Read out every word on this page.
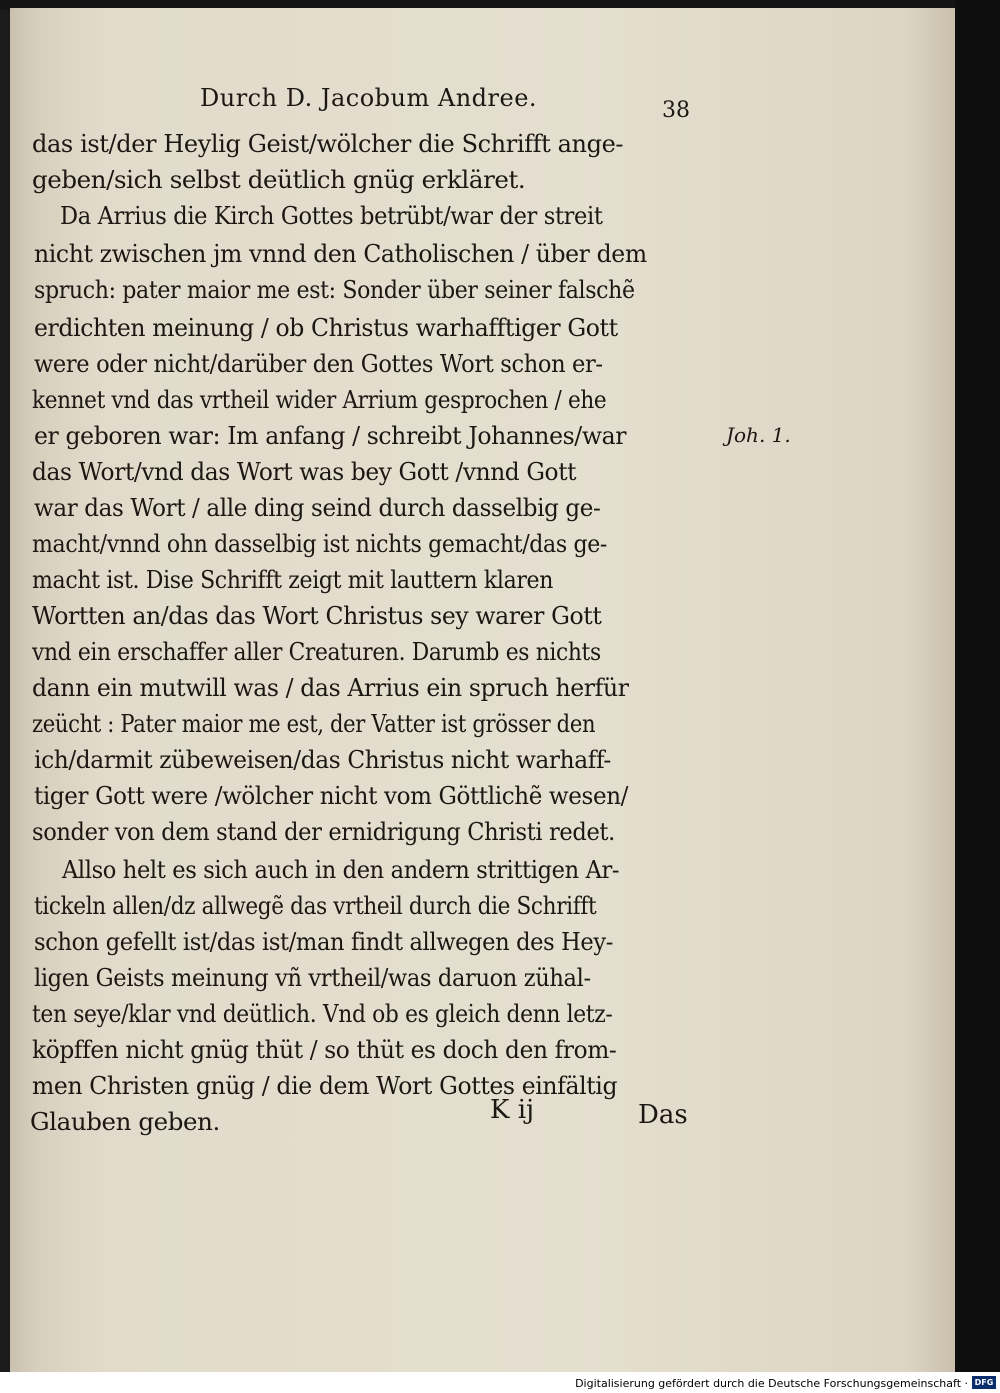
Durch D. Jacobum Andree.	38
das ist/der Heylig Geist/wölcher die Schrifft ange-
geben/sich selbst deütlich gnüg erkläret.
Da Arrius die Kirch Gottes betrübt/war der streit
nicht zwischen jm vnnd den Catholischen / über dem
spruch: pater maior me est: Sonder über seiner falschẽ
erdichten meinung / ob Christus warhafftiger Gott
were oder nicht/darüber den Gottes Wort schon er-
kennet vnd das vrtheil wider Arrium gesprochen / ehe
er geboren war: Im anfang / schreibt Johannes/war
das Wort/vnd das Wort was bey Gott /vnnd Gott
war das Wort / alle ding seind durch dasselbig ge-
macht/vnnd ohn dasselbig ist nichts gemacht/das ge-
macht ist. Dise Schrifft zeigt mit lauttern klaren
Wortten an/das das Wort Christus sey warer Gott
vnd ein erschaffer aller Creaturen. Darumb es nichts
dann ein mutwill was / das Arrius ein spruch herfür
zeücht : Pater maior me est, der Vatter ist grösser den
ich/darmit zübeweisen/das Christus nicht warhaff-
tiger Gott were /wölcher nicht vom Göttlichẽ wesen/
sonder von dem stand der ernidrigung Christi redet.
Allso helt es sich auch in den andern strittigen Ar-
tickeln allen/dz allwegẽ das vrtheil durch die Schrifft
schon gefellt ist/das ist/man findt allwegen des Hey-
ligen Geists meinung vñ vrtheil/was daruon zühal-
ten seye/klar vnd deütlich. Vnd ob es gleich denn letz-
köpffen nicht gnüg thüt / so thüt es doch den from-
men Christen gnüg / die dem Wort Gottes einfältig
Glauben geben.
Joh. 1.
K ij	Das
Digitalisierung gefördert durch die Deutsche Forschungsgemeinschaft · DFG
